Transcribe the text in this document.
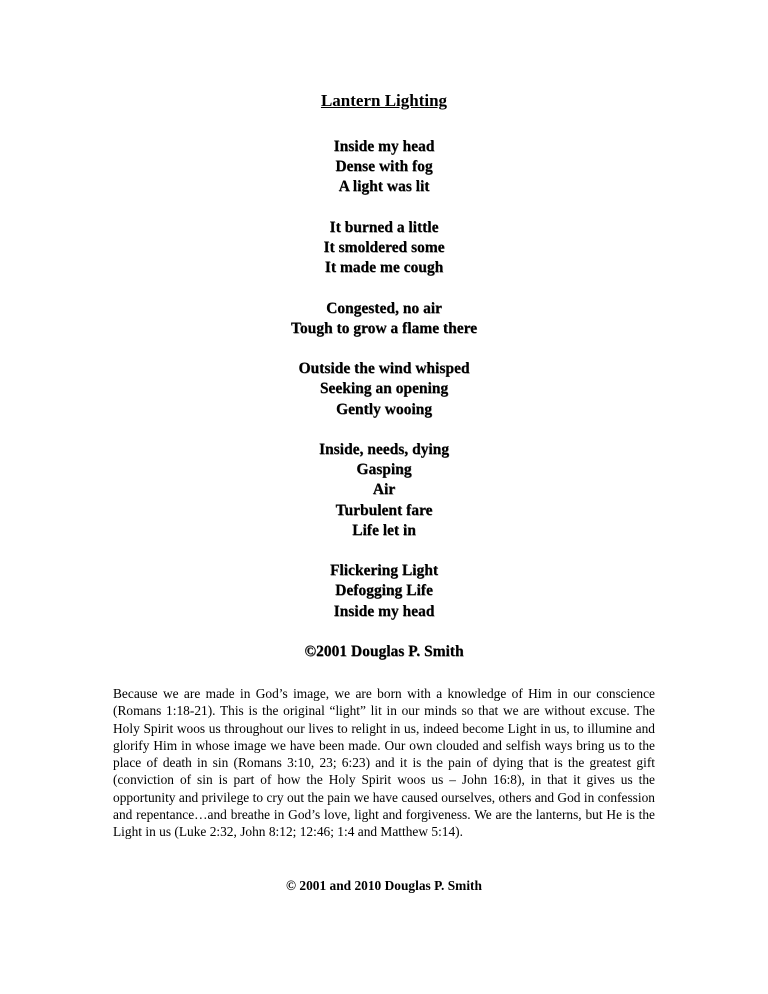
Lantern Lighting
Inside my head
Dense with fog
A light was lit
It burned a little
It smoldered some
It made me cough
Congested, no air
Tough to grow a flame there
Outside the wind whisped
Seeking an opening
Gently wooing
Inside, needs, dying
Gasping
Air
Turbulent fare
Life let in
Flickering Light
Defogging Life
Inside my head
©2001 Douglas P. Smith

Because we are made in God’s image, we are born with a knowledge of Him in our conscience (Romans 1:18-21). This is the original “light” lit in our minds so that we are without excuse. The Holy Spirit woos us throughout our lives to relight in us, indeed become Light in us, to illumine and glorify Him in whose image we have been made. Our own clouded and selfish ways bring us to the place of death in sin (Romans 3:10, 23; 6:23) and it is the pain of dying that is the greatest gift (conviction of sin is part of how the Holy Spirit woos us – John 16:8), in that it gives us the opportunity and privilege to cry out the pain we have caused ourselves, others and God in confession and repentance…and breathe in God’s love, light and forgiveness. We are the lanterns, but He is the Light in us (Luke 2:32, John 8:12; 12:46; 1:4 and Matthew 5:14).

© 2001 and 2010 Douglas P. Smith
